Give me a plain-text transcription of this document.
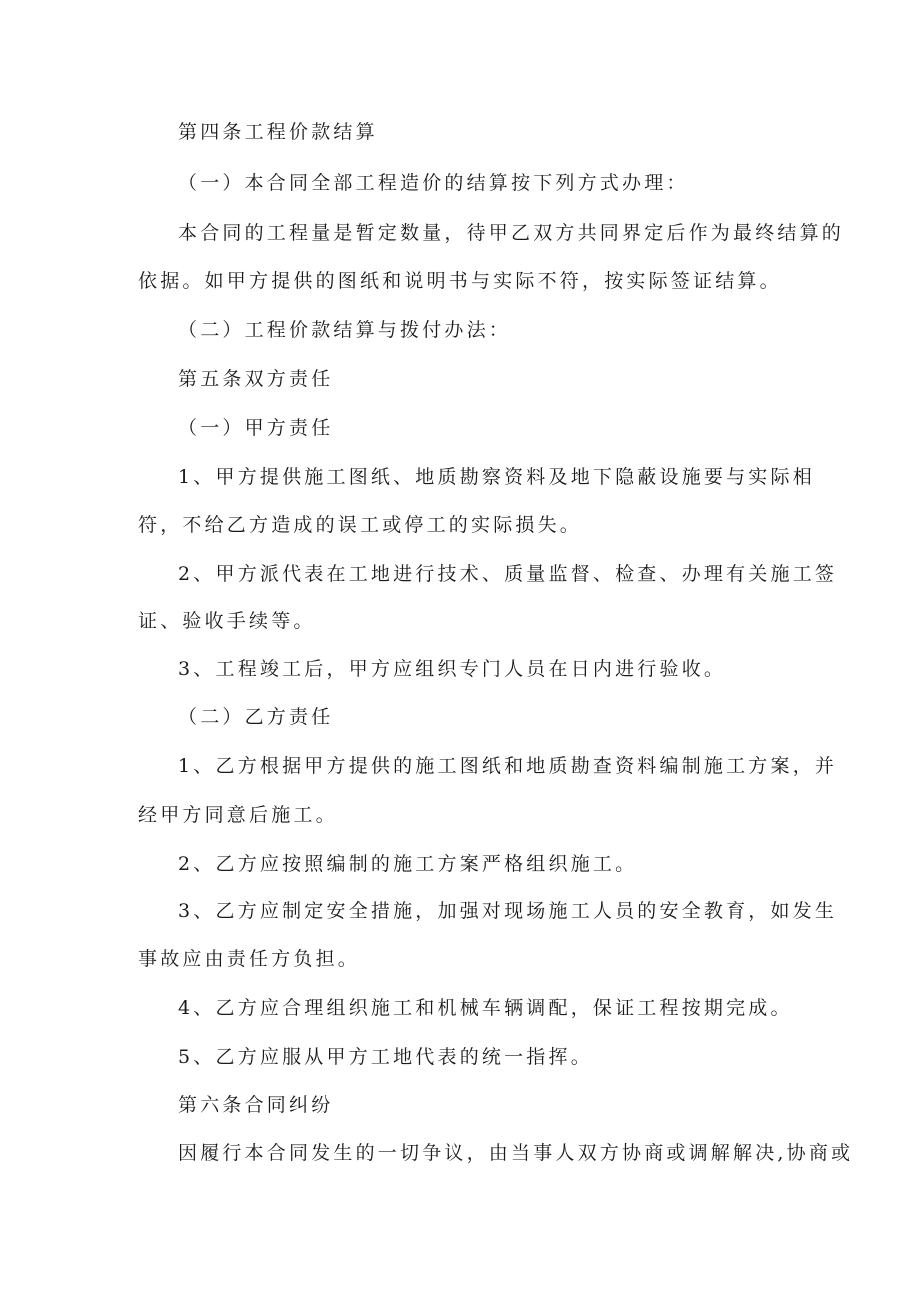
第四条工程价款结算
（一）本合同全部工程造价的结算按下列方式办理：
本合同的工程量是暂定数量，待甲乙双方共同界定后作为最终结算的
依据。如甲方提供的图纸和说明书与实际不符，按实际签证结算。
（二）工程价款结算与拨付办法：
第五条双方责任
（一）甲方责任
1、甲方提供施工图纸、地质勘察资料及地下隐蔽设施要与实际相
符，不给乙方造成的误工或停工的实际损失。
2、甲方派代表在工地进行技术、质量监督、检查、办理有关施工签
证、验收手续等。
3、工程竣工后，甲方应组织专门人员在日内进行验收。
（二）乙方责任
1、乙方根据甲方提供的施工图纸和地质勘查资料编制施工方案，并
经甲方同意后施工。
2、乙方应按照编制的施工方案严格组织施工。
3、乙方应制定安全措施，加强对现场施工人员的安全教育，如发生
事故应由责任方负担。
4、乙方应合理组织施工和机械车辆调配，保证工程按期完成。
5、乙方应服从甲方工地代表的统一指挥。
第六条合同纠纷
因履行本合同发生的一切争议，由当事人双方协商或调解解决,协商或
